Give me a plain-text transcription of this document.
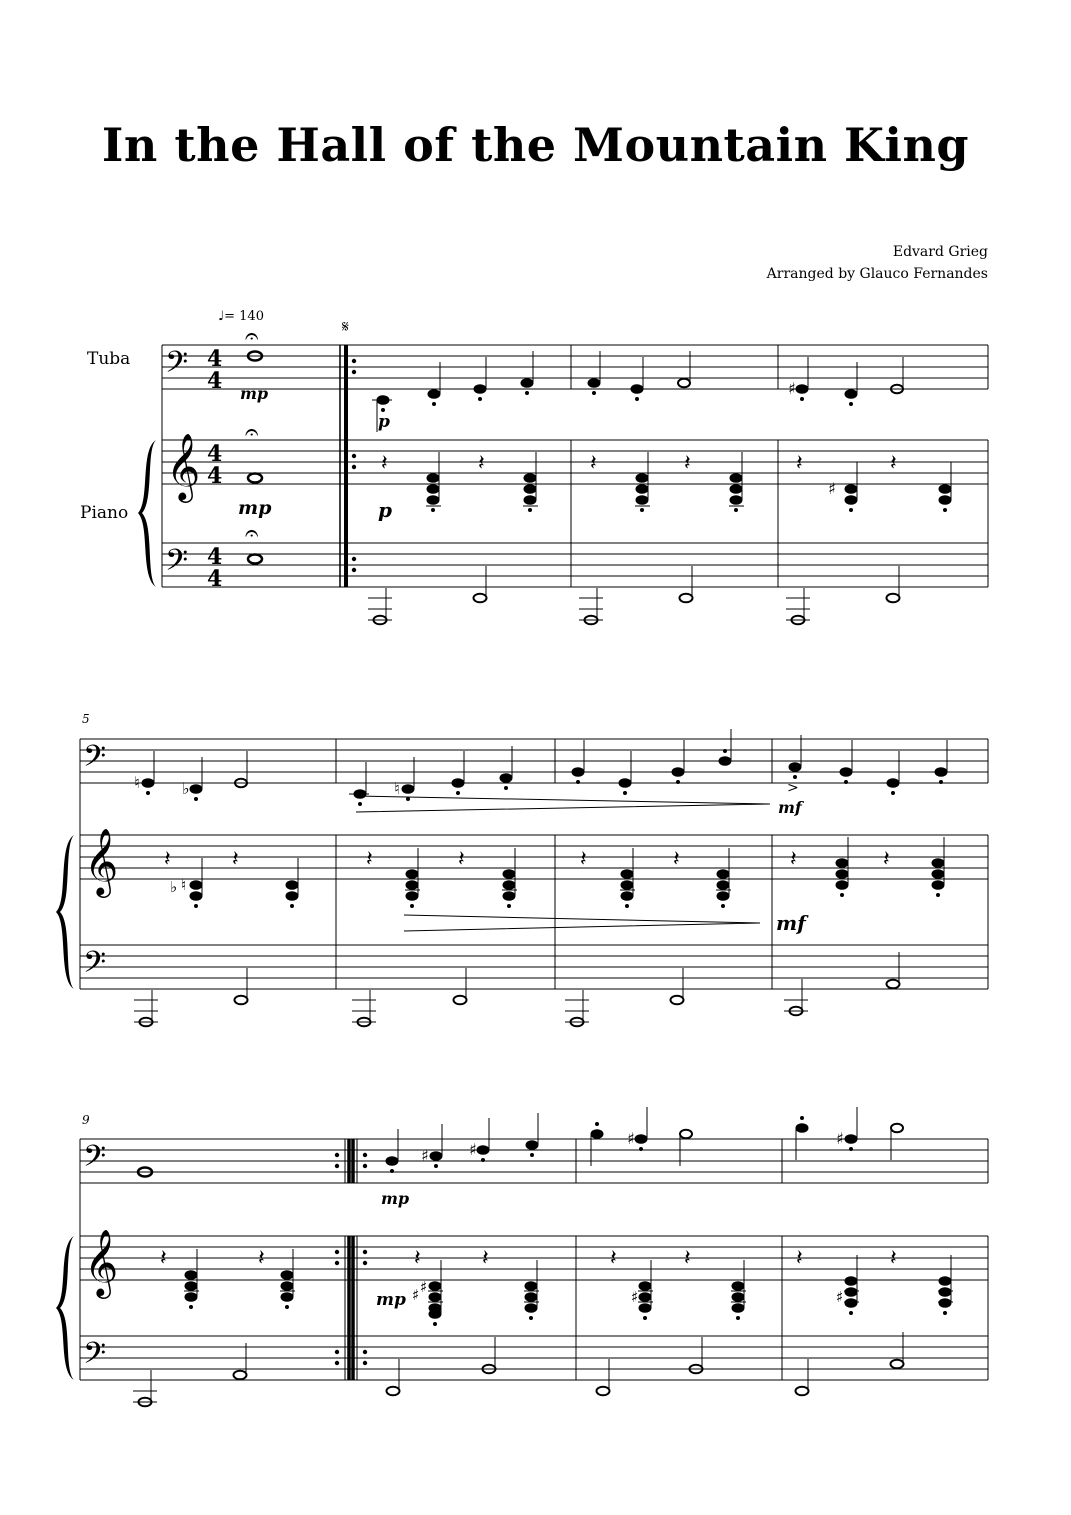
In the Hall of the Mountain King
Edvard Grieg
Arranged by Glauco Fernandes
Tuba
Piano
♩= 140
5
9
𝄢
𝄞
𝄢
4
4
4
4
4
4
𝄋
𝄐
𝄐
𝄐
♯
𝄽	𝄽	𝄽	𝄽	𝄽	𝄽
♯
𝄢
𝄞
𝄢
♮	♭	♮	>
𝄽	𝄽	𝄽	𝄽	𝄽	𝄽	𝄽	𝄽
♭ ♮
𝄢
𝄞
𝄢
♯	♯
♯	♯
𝄽	𝄽	𝄽	𝄽	𝄽	𝄽	𝄽	𝄽
♯ ♯
♯	♯
mp
mp
p
p
mf
mf
mp
mp
